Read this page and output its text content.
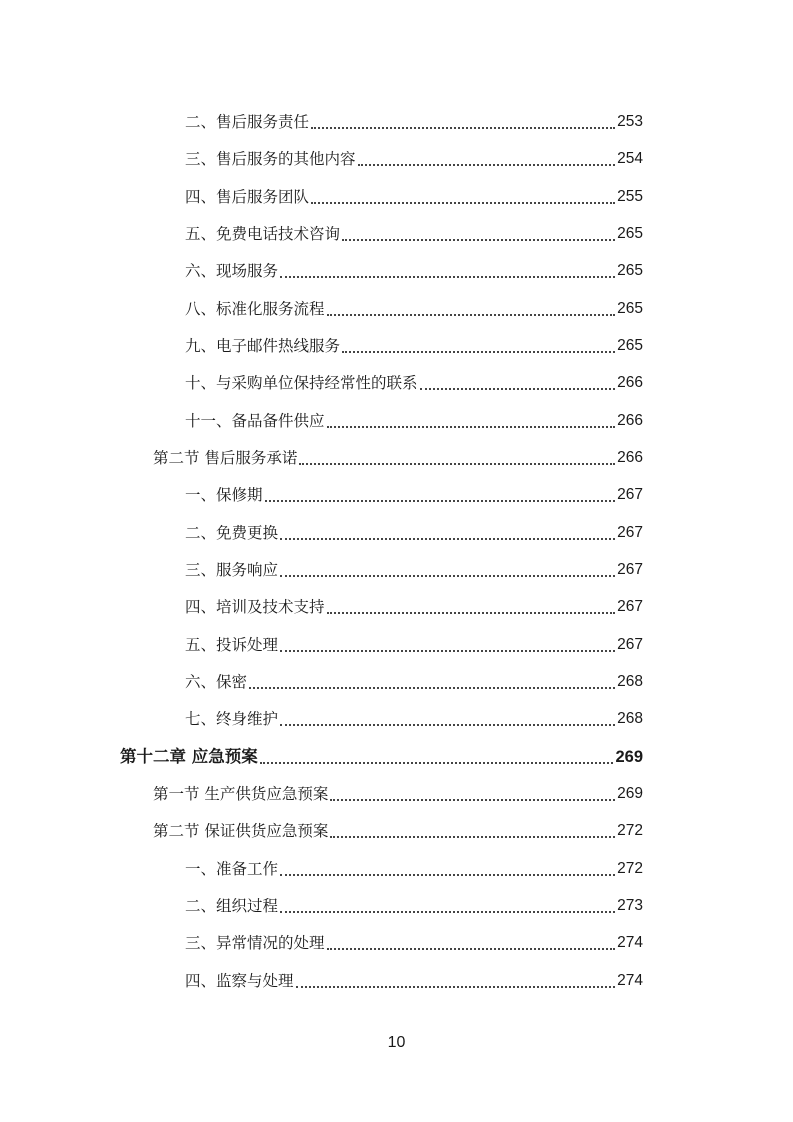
二、售后服务责任	253
三、售后服务的其他内容	254
四、售后服务团队	255
五、免费电话技术咨询	265
六、现场服务	265
八、标准化服务流程	265
九、电子邮件热线服务	265
十、与采购单位保持经常性的联系	266
十一、备品备件供应	266
第二节 售后服务承诺	266
一、保修期	267
二、免费更换	267
三、服务响应	267
四、培训及技术支持	267
五、投诉处理	267
六、保密	268
七、终身维护	268
第十二章 应急预案	269
第一节 生产供货应急预案	269
第二节 保证供货应急预案	272
一、准备工作	272
二、组织过程	273
三、异常情况的处理	274
四、监察与处理	274
10
